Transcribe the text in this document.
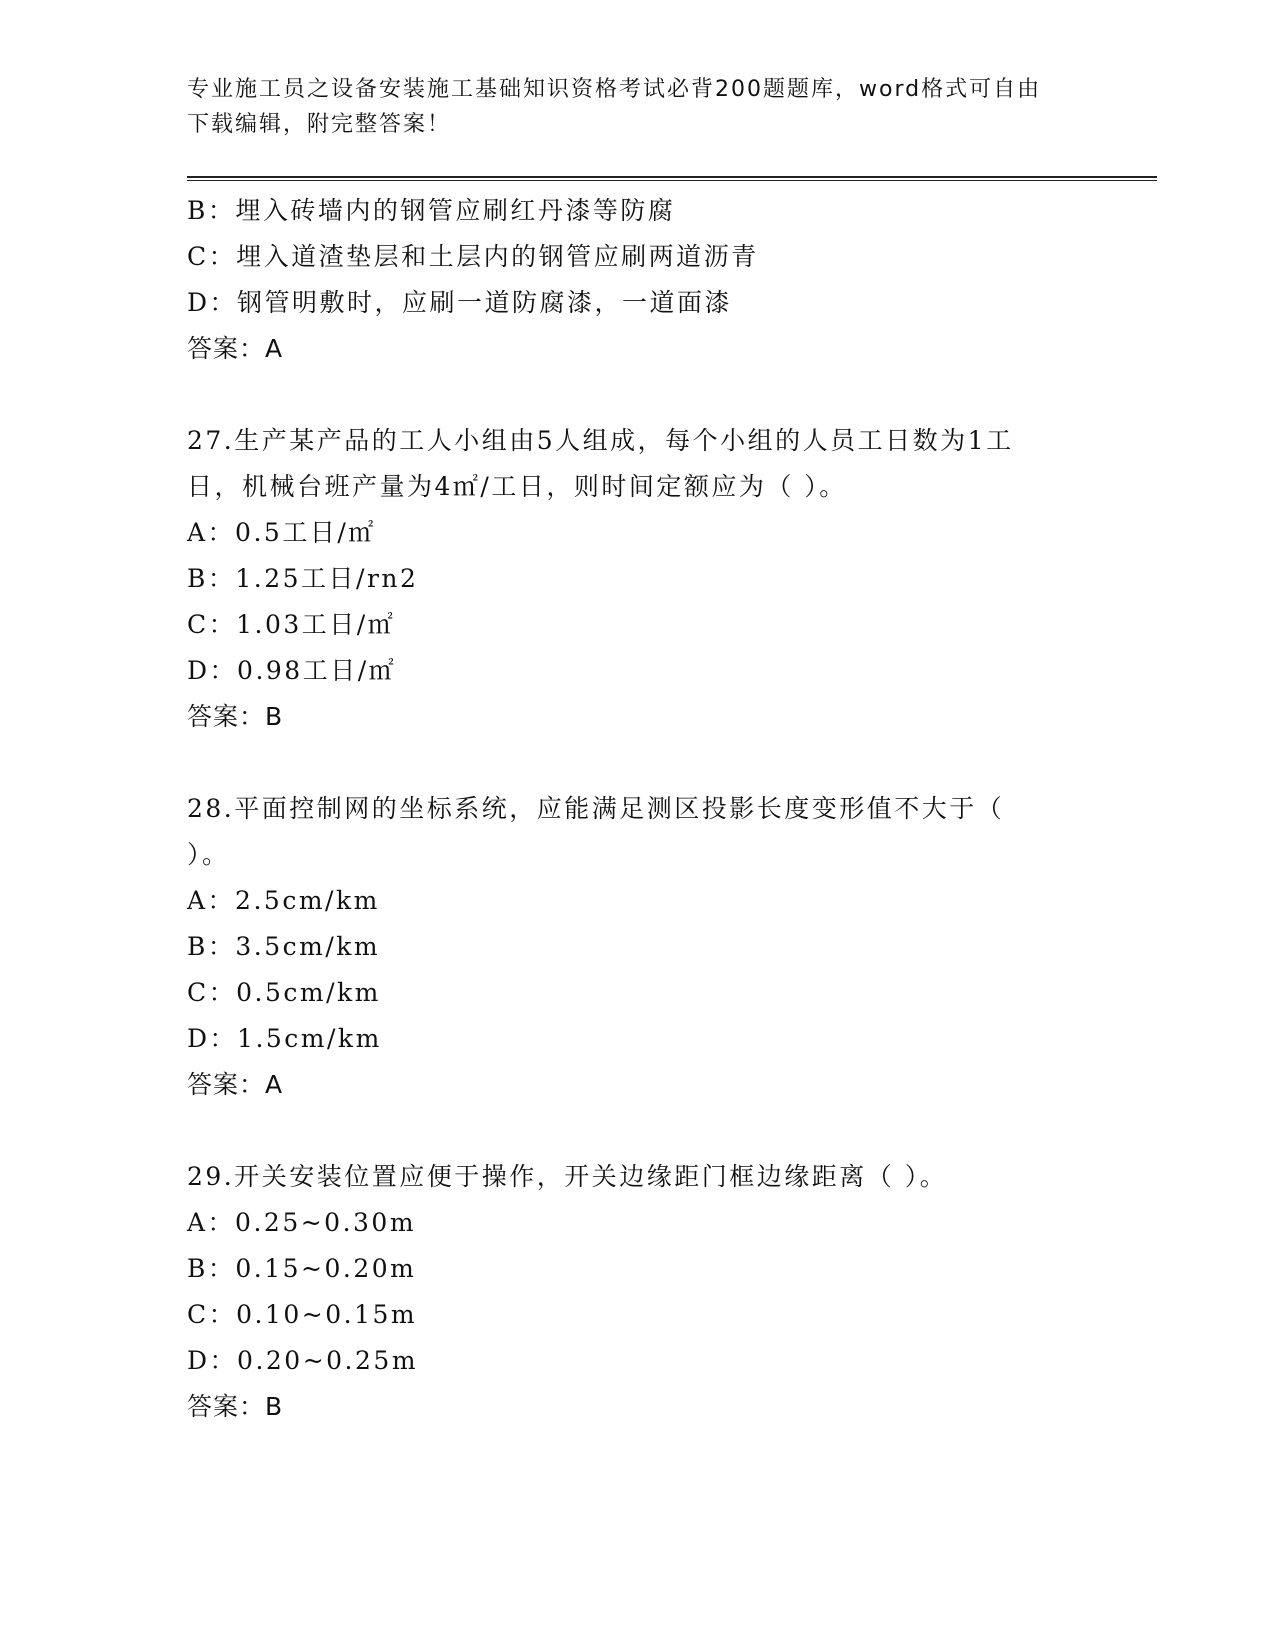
专业施工员之设备安装施工基础知识资格考试必背200题题库，word格式可自由
下载编辑，附完整答案！
B：埋入砖墙内的钢管应刷红丹漆等防腐
C：埋入道渣垫层和土层内的钢管应刷两道沥青
D：钢管明敷时，应刷一道防腐漆，一道面漆
答案：A
27.生产某产品的工人小组由5人组成，每个小组的人员工日数为1工
日，机械台班产量为4㎡/工日，则时间定额应为（ ）。
A：0.5工日/㎡
B：1.25工日/rn2
C：1.03工日/㎡
D：0.98工日/㎡
答案：B
28.平面控制网的坐标系统，应能满足测区投影长度变形值不大于（
）。
A：2.5cm/km
B：3.5cm/km
C：0.5cm/km
D：1.5cm/km
答案：A
29.开关安装位置应便于操作，开关边缘距门框边缘距离（ ）。
A：0.25~0.30m
B：0.15~0.20m
C：0.10~0.15m
D：0.20~0.25m
答案：B
